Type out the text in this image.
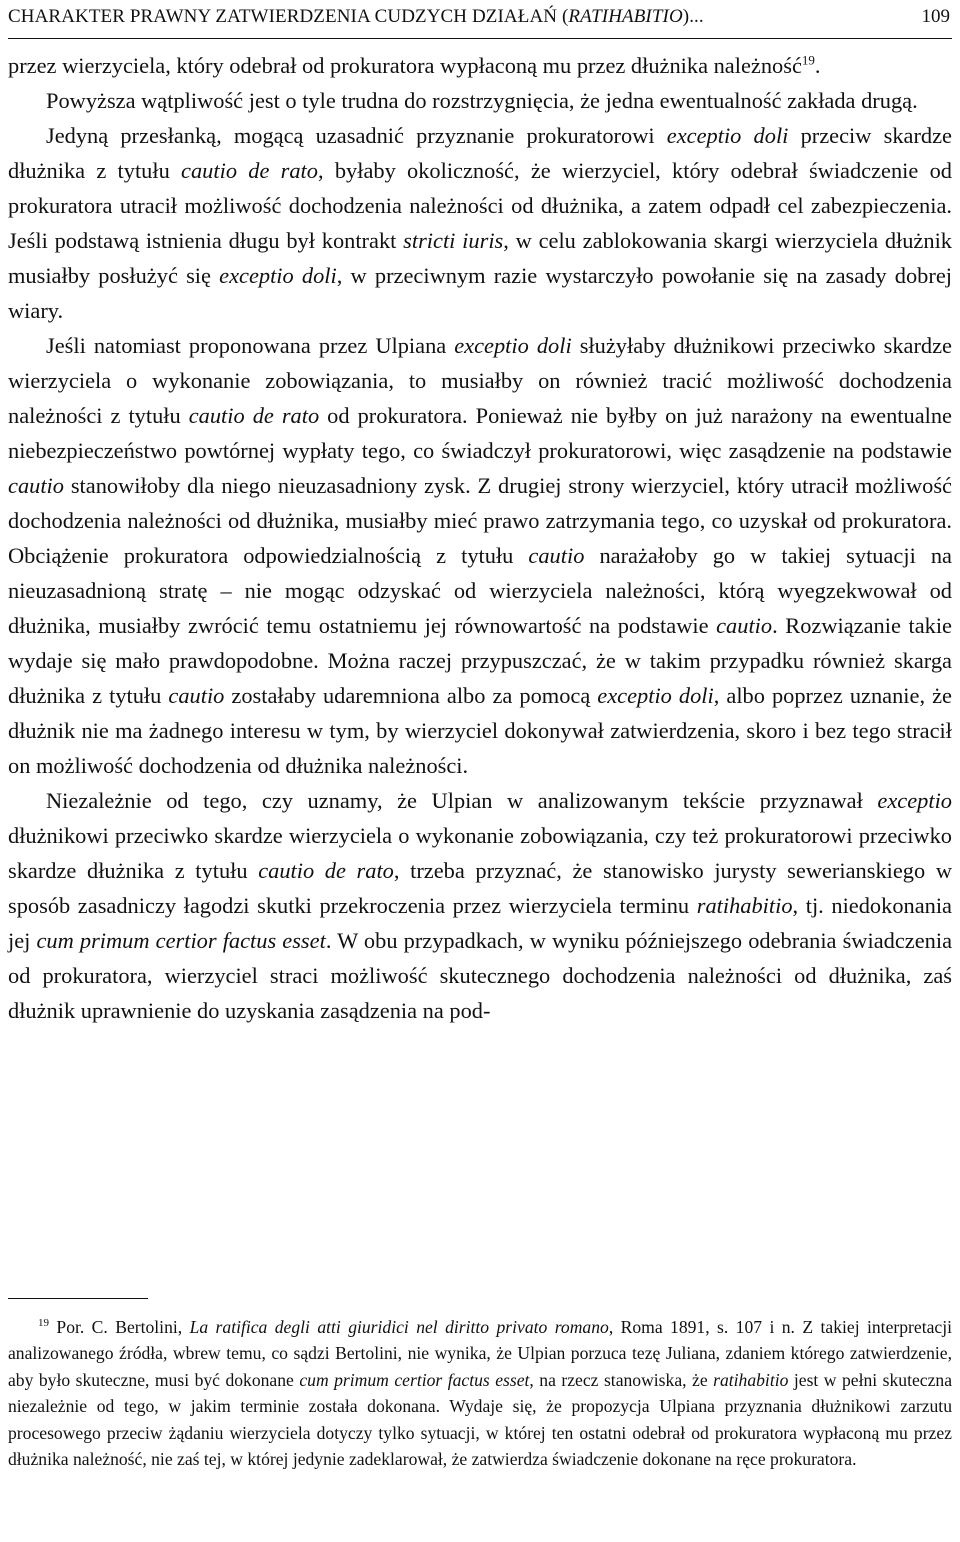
CHARAKTER PRAWNY ZATWIERDZENIA CUDZYCH DZIAŁAŃ (RATIHABITIO)...	109

przez wierzyciela, który odebrał od prokuratora wypłaconą mu przez dłużnika należność$^{19}$.

Powyższa wątpliwość jest o tyle trudna do rozstrzygnięcia, że jedna ewentualność zakłada drugą.

Jedyną przesłanką, mogącą uzasadnić przyznanie prokuratorowi exceptio doli przeciw skardze dłużnika z tytułu cautio de rato, byłaby okoliczność, że wierzyciel, który odebrał świadczenie od prokuratora utracił możliwość dochodzenia należności od dłużnika, a zatem odpadł cel zabezpieczenia. Jeśli podstawą istnienia długu był kontrakt stricti iuris, w celu zablokowania skargi wierzyciela dłużnik musiałby posłużyć się exceptio doli, w przeciwnym razie wystarczyło powołanie się na zasady dobrej wiary.

Jeśli natomiast proponowana przez Ulpiana exceptio doli służyłaby dłużnikowi przeciwko skardze wierzyciela o wykonanie zobowiązania, to musiałby on również tracić możliwość dochodzenia należności z tytułu cautio de rato od prokuratora. Ponieważ nie byłby on już narażony na ewentualne niebezpieczeństwo powtórnej wypłaty tego, co świadczył prokuratorowi, więc zasądzenie na podstawie cautio stanowiłoby dla niego nieuzasadniony zysk. Z drugiej strony wierzyciel, który utracił możliwość dochodzenia należności od dłużnika, musiałby mieć prawo zatrzymania tego, co uzyskał od prokuratora. Obciążenie prokuratora odpowiedzialnością z tytułu cautio narażałoby go w takiej sytuacji na nieuzasadnioną stratę – nie mogąc odzyskać od wierzyciela należności, którą wyegzekwował od dłużnika, musiałby zwrócić temu ostatniemu jej równowartość na podstawie cautio. Rozwiązanie takie wydaje się mało prawdopodobne. Można raczej przypuszczać, że w takim przypadku również skarga dłużnika z tytułu cautio zostałaby udaremniona albo za pomocą exceptio doli, albo poprzez uznanie, że dłużnik nie ma żadnego interesu w tym, by wierzyciel dokonywał zatwierdzenia, skoro i bez tego stracił on możliwość dochodzenia od dłużnika należności.

Niezależnie od tego, czy uznamy, że Ulpian w analizowanym tekście przyznawał exceptio dłużnikowi przeciwko skardze wierzyciela o wykonanie zobowiązania, czy też prokuratorowi przeciwko skardze dłużnika z tytułu cautio de rato, trzeba przyznać, że stanowisko jurysty sewerianskiego w sposób zasadniczy łagodzi skutki przekroczenia przez wierzyciela terminu ratihabitio, tj. niedokonania jej cum primum certior factus esset. W obu przypadkach, w wyniku późniejszego odebrania świadczenia od prokuratora, wierzyciel straci możliwość skutecznego dochodzenia należności od dłużnika, zaś dłużnik uprawnienie do uzyskania zasądzenia na pod-

$^{19}$ Por. C. Bertolini, La ratifica degli atti giuridici nel diritto privato romano, Roma 1891, s. 107 i n. Z takiej interpretacji analizowanego źródła, wbrew temu, co sądzi Bertolini, nie wynika, że Ulpian porzuca tezę Juliana, zdaniem którego zatwierdzenie, aby było skuteczne, musi być dokonane cum primum certior factus esset, na rzecz stanowiska, że ratihabitio jest w pełni skuteczna niezależnie od tego, w jakim terminie została dokonana. Wydaje się, że propozycja Ulpiana przyznania dłużnikowi zarzutu procesowego przeciw żądaniu wierzyciela dotyczy tylko sytuacji, w której ten ostatni odebrał od prokuratora wypłaconą mu przez dłużnika należność, nie zaś tej, w której jedynie zadeklarował, że zatwierdza świadczenie dokonane na ręce prokuratora.
